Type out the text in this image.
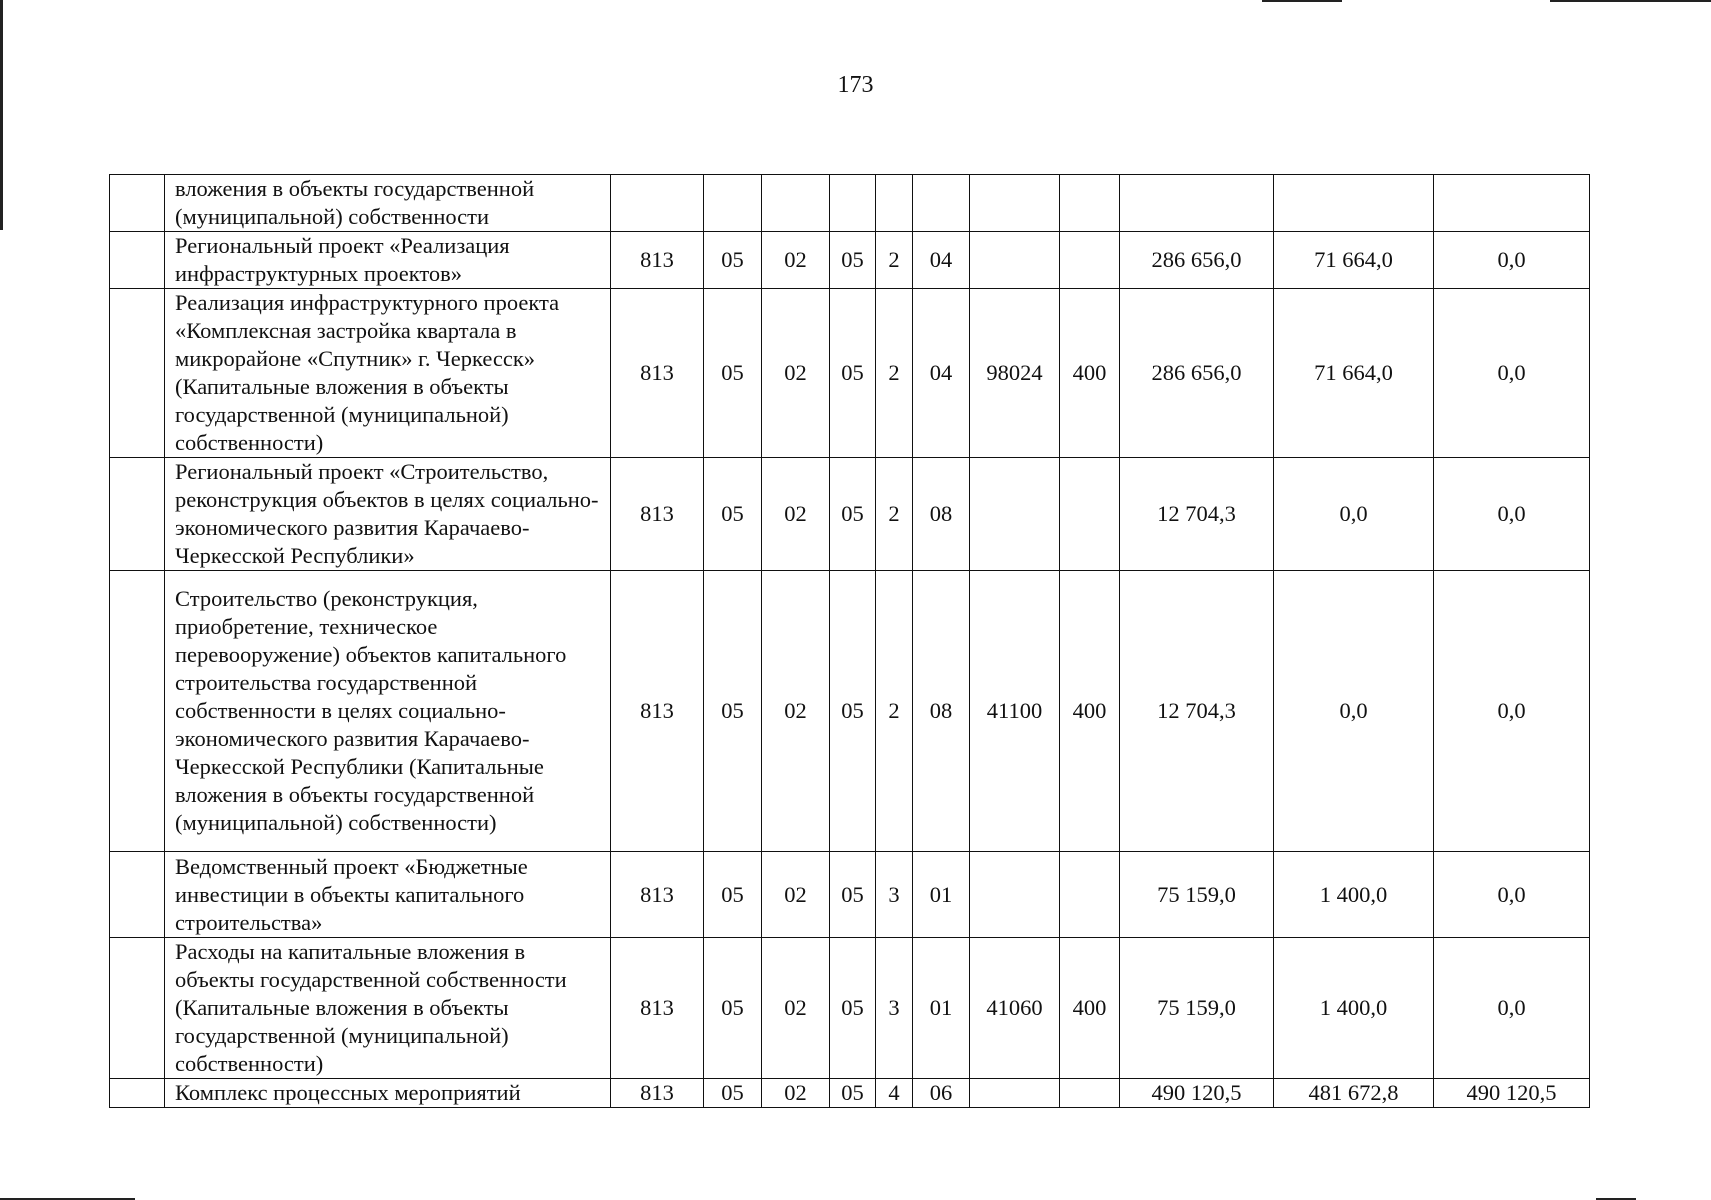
173
	вложения в объекты государственной (муниципальной) собственности											
	Региональный проект «Реализация инфраструктурных проектов»	813	05	02	05	2	04			286 656,0	71 664,0	0,0
	Реализация инфраструктурного проекта «Комплексная застройка квартала в микрорайоне «Спутник» г. Черкесск» (Капитальные вложения в объекты государственной (муниципальной) собственности)	813	05	02	05	2	04	98024	400	286 656,0	71 664,0	0,0
	Региональный проект «Строительство, реконструкция объектов в целях социально-экономического развития Карачаево-Черкесской Республики»	813	05	02	05	2	08			12 704,3	0,0	0,0
	Строительство (реконструкция, приобретение, техническое перевооружение) объектов капитального строительства государственной собственности в целях социально-экономического развития Карачаево-Черкесской Республики (Капитальные вложения в объекты государственной (муниципальной) собственности)	813	05	02	05	2	08	41100	400	12 704,3	0,0	0,0
	Ведомственный проект «Бюджетные инвестиции в объекты капитального строительства»	813	05	02	05	3	01			75 159,0	1 400,0	0,0
	Расходы на капитальные вложения в объекты государственной собственности (Капитальные вложения в объекты государственной (муниципальной) собственности)	813	05	02	05	3	01	41060	400	75 159,0	1 400,0	0,0
	Комплекс процессных мероприятий	813	05	02	05	4	06			490 120,5	481 672,8	490 120,5
